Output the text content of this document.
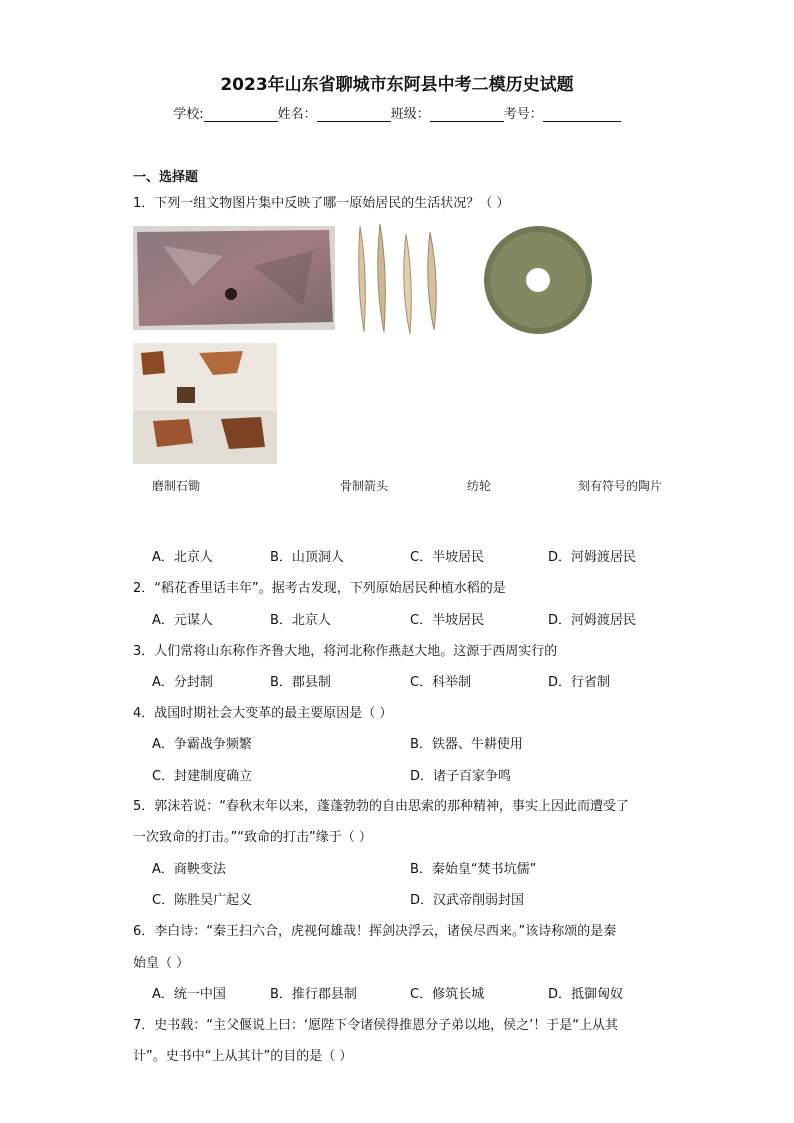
2023年山东省聊城市东阿县中考二模历史试题
学校:	姓名：	班级：	考号：
一、选择题
1．下列一组文物图片集中反映了哪一原始居民的生活状况？（ ）
磨制石锄	骨制箭头	纺轮	刻有符号的陶片
A．北京人	B．山顶洞人	C．半坡居民	D．河姆渡居民
2．“稻花香里话丰年”。据考古发现，下列原始居民种植水稻的是
A．元谋人	B．北京人	C．半坡居民	D．河姆渡居民
3．人们常将山东称作齐鲁大地，将河北称作燕赵大地。这源于西周实行的
A．分封制	B．郡县制	C．科举制	D．行省制
4．战国时期社会大变革的最主要原因是（ ）
A．争霸战争频繁	B．铁器、牛耕使用
C．封建制度确立	D．诸子百家争鸣
5．郭沫若说：“春秋末年以来，蓬蓬勃勃的自由思索的那种精神，事实上因此而遭受了
一次致命的打击。”“致命的打击”缘于（ ）
A．商鞅变法	B．秦始皇“焚书坑儒”
C．陈胜吴广起义	D．汉武帝削弱封国
6．李白诗：“秦王扫六合，虎视何雄哉！挥剑决浮云，诸侯尽西来。”该诗称颂的是秦
始皇（ ）
A．统一中国	B．推行郡县制	C．修筑长城	D．抵御匈奴
7．史书载：“主父偃说上曰：‘愿陛下令诸侯得推恩分子弟以地，侯之’！于是“上从其
计”。史书中“上从其计”的目的是（ ）
